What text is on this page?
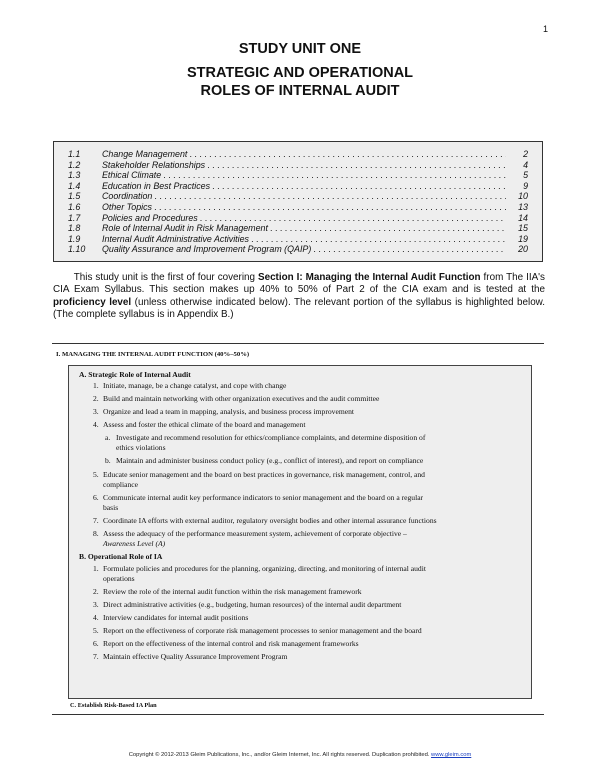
1
STUDY UNIT ONE
STRATEGIC AND OPERATIONAL
ROLES OF INTERNAL AUDIT
1.1	Change Management . . .	2
1.2	Stakeholder Relationships . . .	4
1.3	Ethical Climate . . .	5
1.4	Education in Best Practices . . .	9
1.5	Coordination . . .	10
1.6	Other Topics . . .	13
1.7	Policies and Procedures . . .	14
1.8	Role of Internal Audit in Risk Management . . .	15
1.9	Internal Audit Administrative Activities . . .	19
1.10	Quality Assurance and Improvement Program (QAIP) . . .	20
This study unit is the first of four covering Section I: Managing the Internal Audit Function from The IIA's CIA Exam Syllabus. This section makes up 40% to 50% of Part 2 of the CIA exam and is tested at the proficiency level (unless otherwise indicated below). The relevant portion of the syllabus is highlighted below. (The complete syllabus is in Appendix B.)
I. MANAGING THE INTERNAL AUDIT FUNCTION (40%–50%)
A. Strategic Role of Internal Audit
1. Initiate, manage, be a change catalyst, and cope with change
2. Build and maintain networking with other organization executives and the audit committee
3. Organize and lead a team in mapping, analysis, and business process improvement
4. Assess and foster the ethical climate of the board and management
a. Investigate and recommend resolution for ethics/compliance complaints, and determine disposition of
ethics violations
b. Maintain and administer business conduct policy (e.g., conflict of interest), and report on compliance
5. Educate senior management and the board on best practices in governance, risk management, control, and
compliance
6. Communicate internal audit key performance indicators to senior management and the board on a regular
basis
7. Coordinate IA efforts with external auditor, regulatory oversight bodies and other internal assurance functions
8. Assess the adequacy of the performance measurement system, achievement of corporate objective –
Awareness Level (A)
B. Operational Role of IA
1. Formulate policies and procedures for the planning, organizing, directing, and monitoring of internal audit
operations
2. Review the role of the internal audit function within the risk management framework
3. Direct administrative activities (e.g., budgeting, human resources) of the internal audit department
4. Interview candidates for internal audit positions
5. Report on the effectiveness of corporate risk management processes to senior management and the board
6. Report on the effectiveness of the internal control and risk management frameworks
7. Maintain effective Quality Assurance Improvement Program
C. Establish Risk-Based IA Plan
Copyright © 2012-2013 Gleim Publications, Inc., and/or Gleim Internet, Inc. All rights reserved. Duplication prohibited. www.gleim.com
